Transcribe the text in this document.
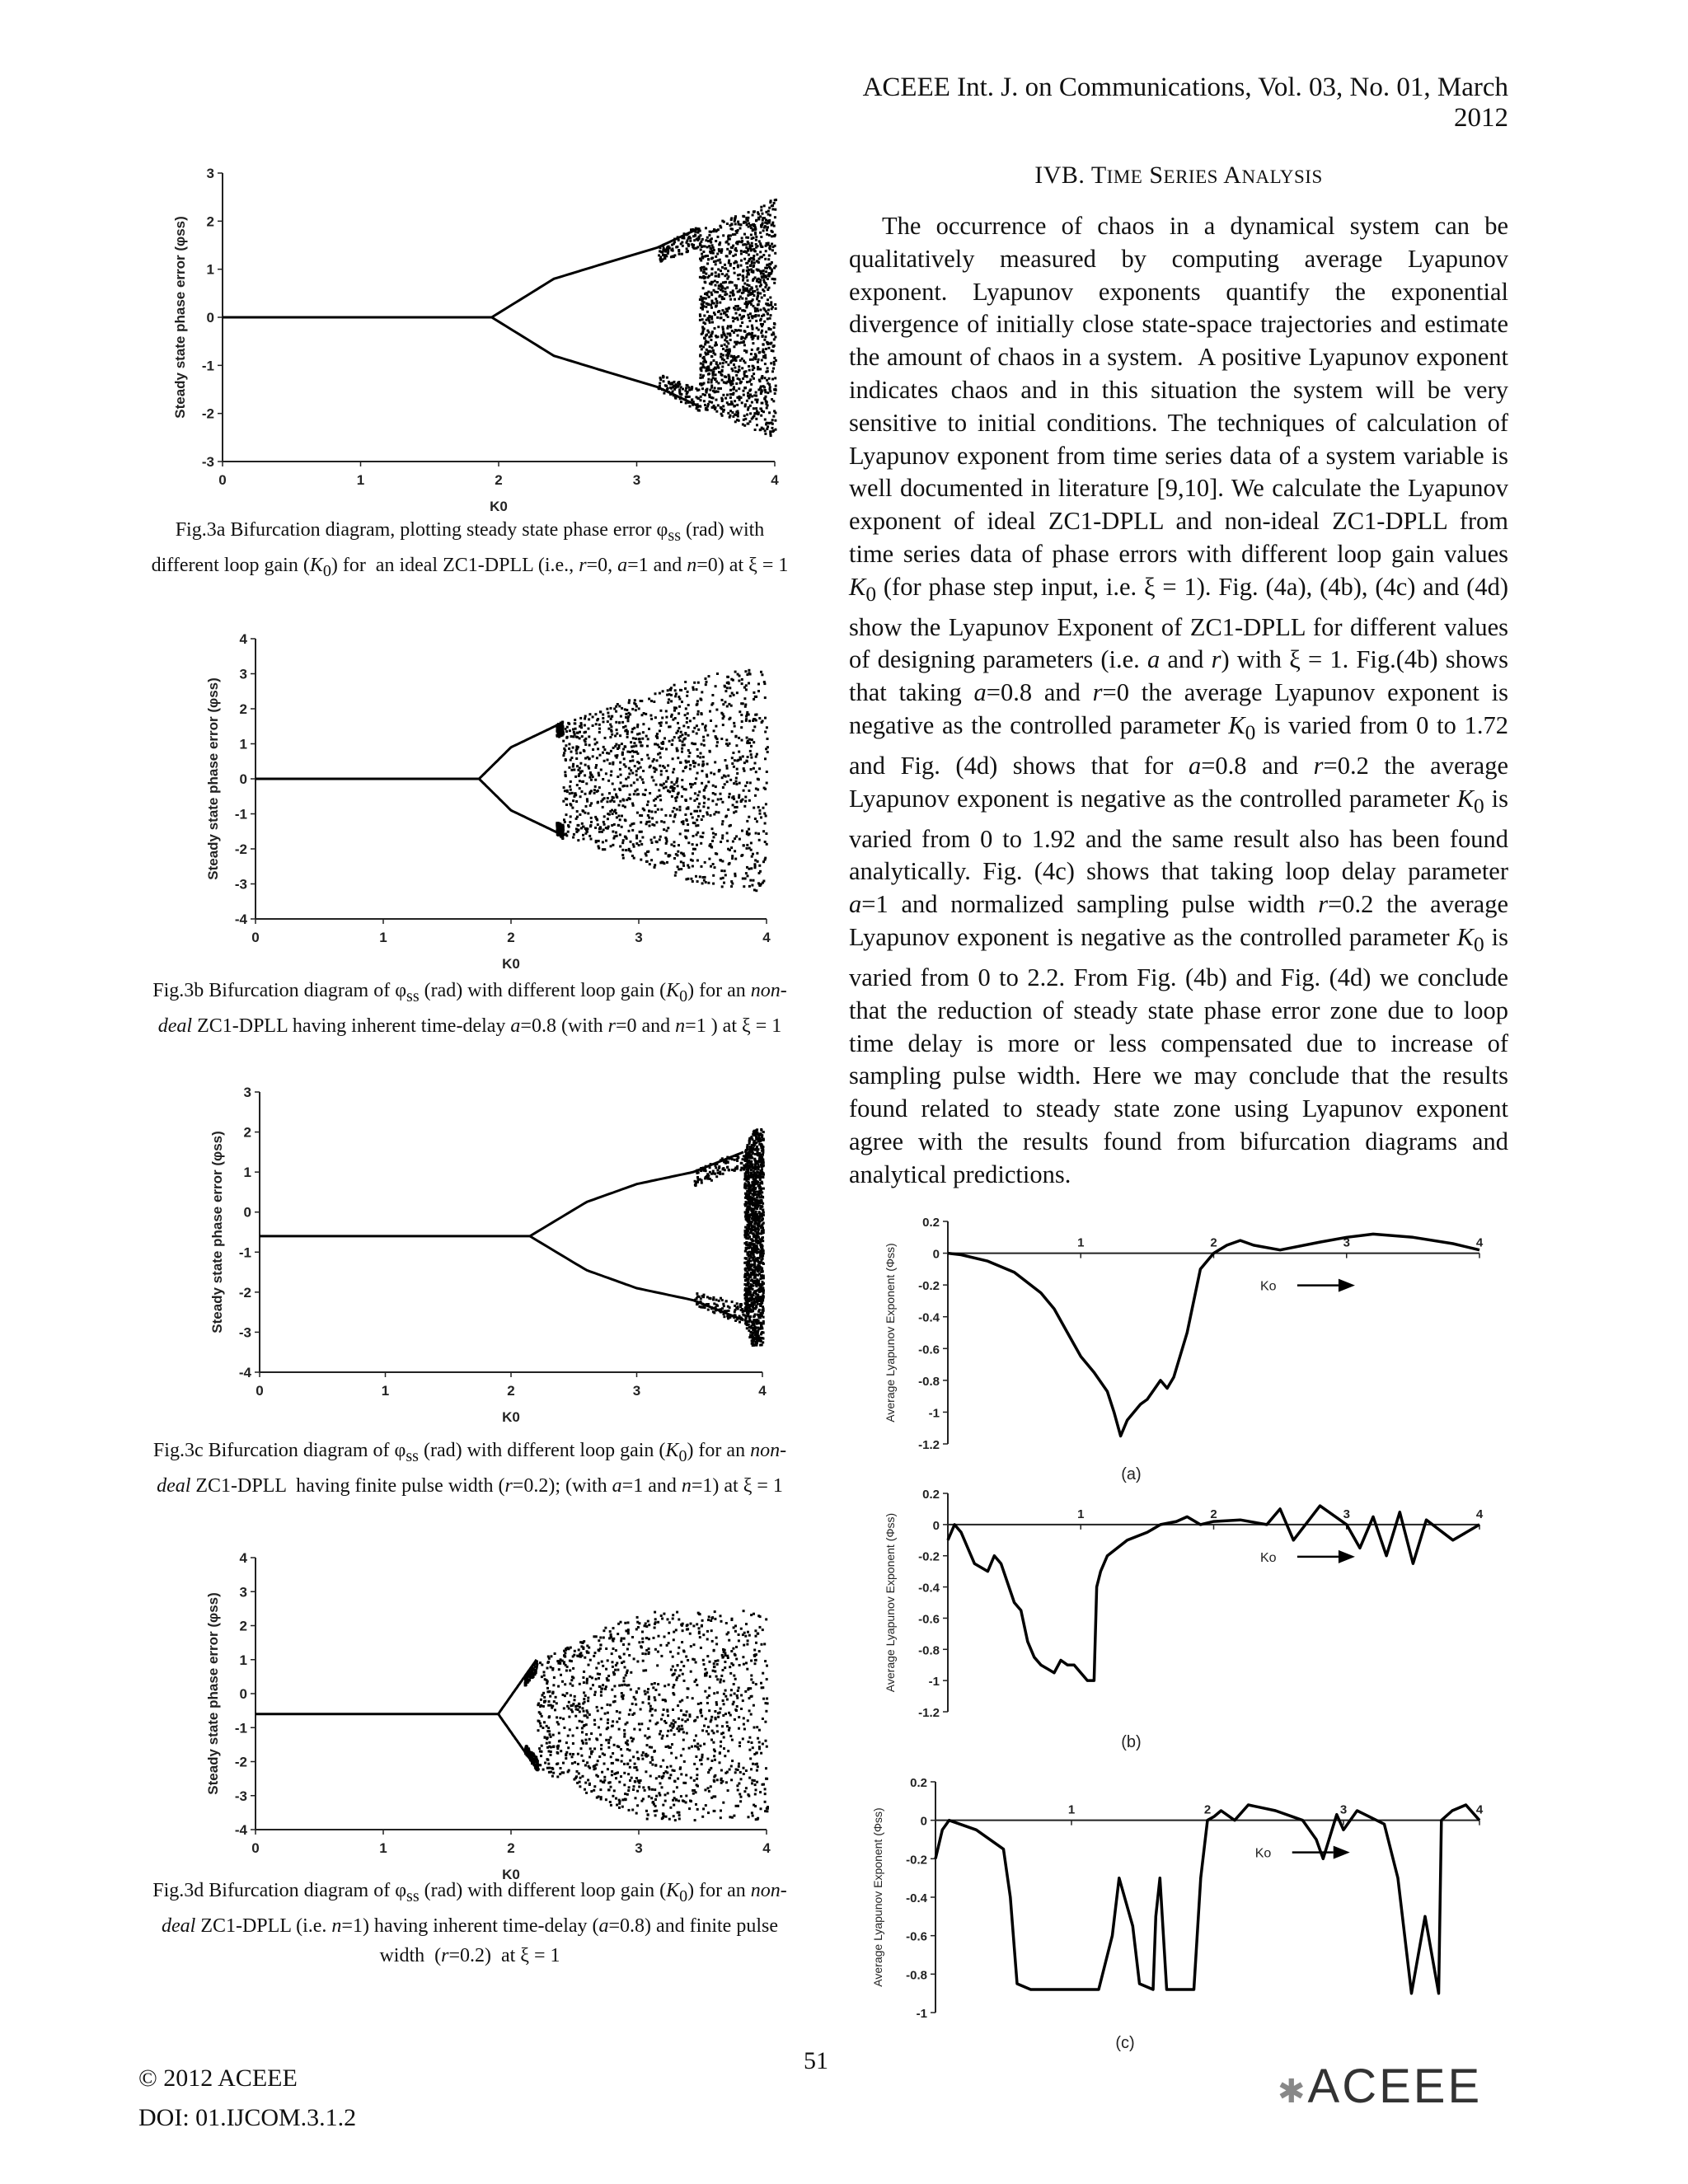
ACEEE Int. J. on Communications, Vol. 03, No. 01, March 2012
-3
-2
-1
0
1
2
3
0	1	2	3	4
Steady state phase error (φss)
K0
Fig.3a Bifurcation diagram, plotting steady state phase error $\varphi_{ss}$ (rad) with different loop gain $(K_0)$ for  an ideal ZC1-DPLL (i.e., r=0, a=1 and n=0) at ξ = 1
-4
-3
-2
-1
0
1
2
3
4
0	1	2	3	4
Steady state phase error (φss)
K0
Fig.3b Bifurcation diagram of $\varphi_{ss}$ (rad) with different loop gain $(K_0)$ for an non-deal ZC1-DPLL having inherent time-delay a=0.8 (with r=0 and n=1 ) at ξ = 1
-4
-3
-2
-1
0
1
2
3
0	1	2	3	4
Steady state phase error (φss)
K0
Fig.3c Bifurcation diagram of $\varphi_{ss}$ (rad) with different loop gain $(K_0)$ for an non-deal ZC1-DPLL  having finite pulse width (r=0.2); (with a=1 and n=1) at ξ = 1
-4
-3
-2
-1
0
1
2
3
4
0	1	2	3	4
Steady state phase error (φss)
K0
Fig.3d Bifurcation diagram of $\varphi_{ss}$ (rad) with different loop gain $(K_0)$ for an non-deal ZC1-DPLL (i.e. n=1) having inherent time-delay (a=0.8) and finite pulse width  (r=0.2)  at ξ = 1
IVB. TIME SERIES ANALYSIS

The occurrence of chaos in a dynamical system can be qualitatively measured by computing average Lyapunov exponent. Lyapunov exponents quantify the exponential divergence of initially close state-space trajectories and estimate the amount of chaos in a system.  A positive Lyapunov exponent indicates chaos and in this situation the system will be very sensitive to initial conditions. The techniques of calculation of Lyapunov exponent from time series data of a system variable is well documented in literature [9,10]. We calculate the Lyapunov exponent of ideal ZC1-DPLL and non-ideal ZC1-DPLL from time series data of phase errors with different loop gain values $K_0$ (for phase step input, i.e. ξ = 1). Fig. (4a), (4b), (4c) and (4d) show the Lyapunov Exponent of ZC1-DPLL for different values of designing parameters (i.e. a and r) with ξ = 1. Fig.(4b) shows that taking a=0.8 and r=0 the average Lyapunov exponent is negative as the controlled parameter $K_0$ is varied from 0 to 1.72 and Fig. (4d) shows that for a=0.8 and r=0.2 the average Lyapunov exponent is negative as the controlled parameter $K_0$ is varied from 0 to 1.92 and the same result also has been found analytically. Fig. (4c) shows that taking loop delay parameter a=1 and normalized sampling pulse width r=0.2 the average Lyapunov exponent is negative as the controlled parameter $K_0$ is varied from 0 to 2.2. From Fig. (4b) and Fig. (4d) we conclude that the reduction of steady state phase error zone due to loop time delay is more or less compensated due to increase of sampling pulse width. Here we may conclude that the results found related to steady state zone using Lyapunov exponent agree with the results found from bifurcation diagrams and analytical predictions.

0.2
0
-0.2
-0.4
-0.6
-0.8
-1
-1.2
1	2	3	4
Average Lyapunov Exponent (Φss)	Ko
(a)
0.2
0
-0.2
-0.4
-0.6
-0.8
-1
-1.2
1	2	3	4
Average Lyapunov Exponent (Φss)	Ko
(b)
0.2
0
-0.2
-0.4
-0.6
-0.8
-1
1	2	3	4
Average Lyapunov Exponent (Φss)	Ko
(c)
© 2012 ACEEE
DOI: 01.IJCOM.3.1.2
51
✱ACEEE
